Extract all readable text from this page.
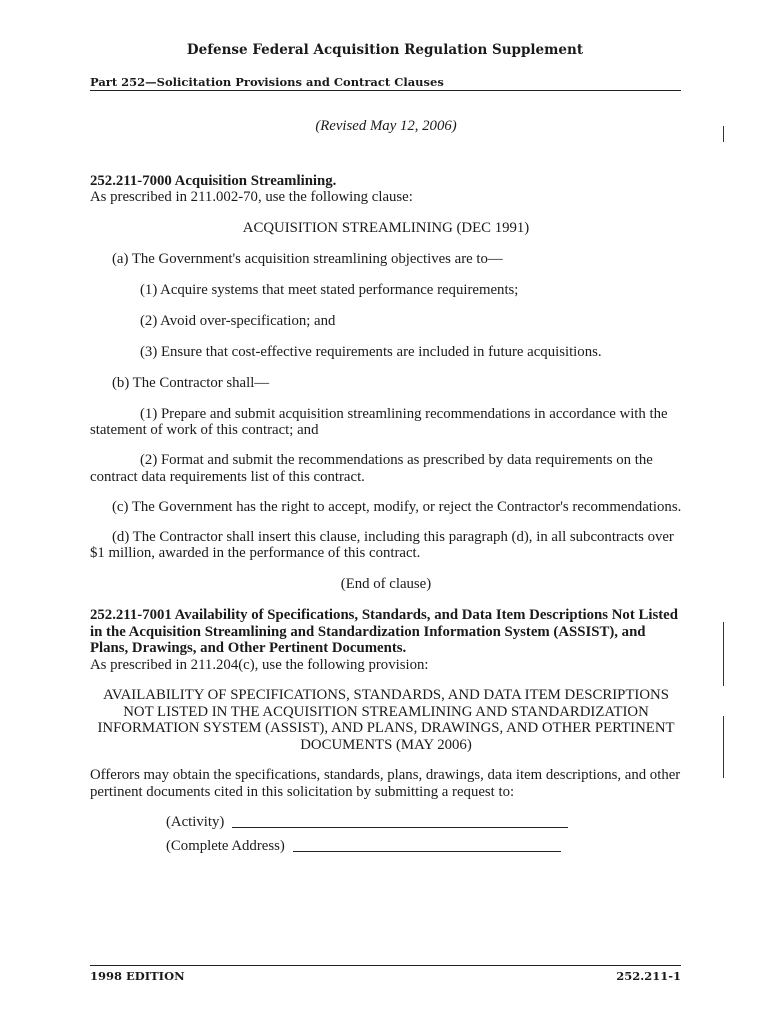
Defense Federal Acquisition Regulation Supplement
Part 252—Solicitation Provisions and Contract Clauses

(Revised May 12, 2006)

252.211-7000 Acquisition Streamlining.

As prescribed in 211.002-70, use the following clause:

ACQUISITION STREAMLINING (DEC 1991)

(a) The Government's acquisition streamlining objectives are to—

(1) Acquire systems that meet stated performance requirements;

(2) Avoid over-specification; and

(3) Ensure that cost-effective requirements are included in future acquisitions.

(b) The Contractor shall—

(1) Prepare and submit acquisition streamlining recommendations in accordance with the statement of work of this contract; and

(2) Format and submit the recommendations as prescribed by data requirements on the contract data requirements list of this contract.

(c) The Government has the right to accept, modify, or reject the Contractor's recommendations.

(d) The Contractor shall insert this clause, including this paragraph (d), in all subcontracts over $1 million, awarded in the performance of this contract.

(End of clause)

252.211-7001 Availability of Specifications, Standards, and Data Item Descriptions Not Listed in the Acquisition Streamlining and Standardization Information System (ASSIST), and Plans, Drawings, and Other Pertinent Documents.

As prescribed in 211.204(c), use the following provision:

AVAILABILITY OF SPECIFICATIONS, STANDARDS, AND DATA ITEM DESCRIPTIONS NOT LISTED IN THE ACQUISITION STREAMLINING AND STANDARDIZATION INFORMATION SYSTEM (ASSIST), AND PLANS, DRAWINGS, AND OTHER PERTINENT DOCUMENTS (MAY 2006)

Offerors may obtain the specifications, standards, plans, drawings, data item descriptions, and other pertinent documents cited in this solicitation by submitting a request to:

(Activity)
(Complete Address)
1998 EDITION	252.211-1
